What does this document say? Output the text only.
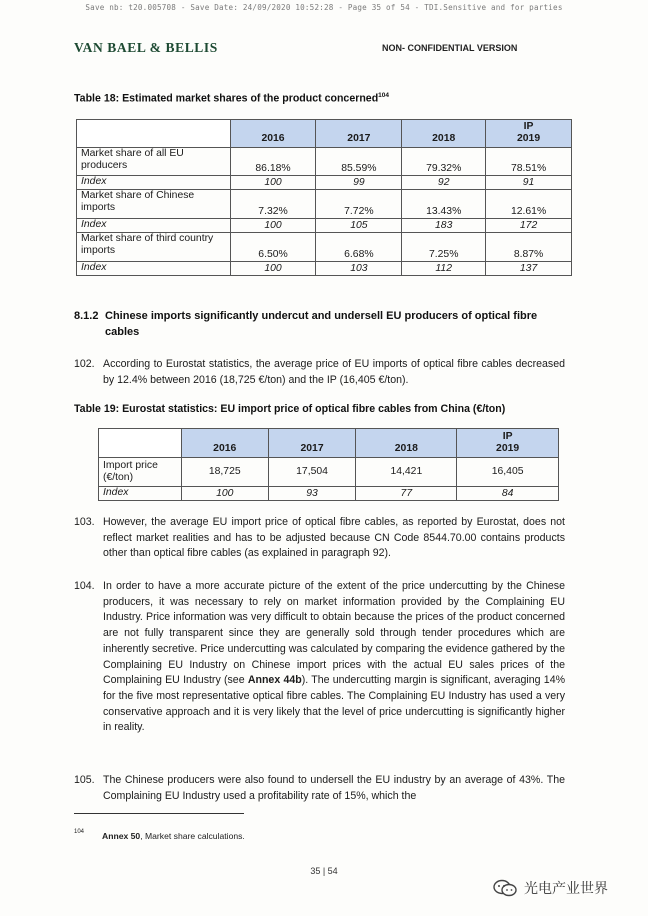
Save nb: t20.005708 - Save Date: 24/09/2020 10:52:28 - Page 35 of 54 - TDI.Sensitive and for parties
VAN BAEL & BELLIS	NON- CONFIDENTIAL VERSION
Table 18: Estimated market shares of the product concerned$^{104}$
	2016	2017	2018	IP
2019

Market share of all EU producers	86.18%	85.59%	79.32%	78.51%
Index	100	99	92	91
Market share of Chinese imports	7.32%	7.72%	13.43%	12.61%
Index	100	105	183	172
Market share of third country imports	6.50%	6.68%	7.25%	8.87%
Index	100	103	112	137
8.1.2 Chinese imports significantly undercut and undersell EU producers of optical fibre cables
102. According to Eurostat statistics, the average price of EU imports of optical fibre cables decreased by 12.4% between 2016 (18,725 €/ton) and the IP (16,405 €/ton).
Table 19: Eurostat statistics: EU import price of optical fibre cables from China (€/ton)
	2016	2017	2018	IP
2019

Import price (€/ton)	18,725	17,504	14,421	16,405
Index	100	93	77	84
103. However, the average EU import price of optical fibre cables, as reported by Eurostat, does not reflect market realities and has to be adjusted because CN Code 8544.70.00 contains products other than optical fibre cables (as explained in paragraph 92).
104. In order to have a more accurate picture of the extent of the price undercutting by the Chinese producers, it was necessary to rely on market information provided by the Complaining EU Industry. Price information was very difficult to obtain because the prices of the product concerned are not fully transparent since they are generally sold through tender procedures which are inherently secretive. Price undercutting was calculated by comparing the evidence gathered by the Complaining EU Industry on Chinese import prices with the actual EU sales prices of the Complaining EU Industry (see Annex 44b). The undercutting margin is significant, averaging 14% for the five most representative optical fibre cables. The Complaining EU Industry has used a very conservative approach and it is very likely that the level of price undercutting is significantly higher in reality.
105. The Chinese producers were also found to undersell the EU industry by an average of 43%. The Complaining EU Industry used a profitability rate of 15%, which the
104 Annex 50, Market share calculations.
35 | 54
光电产业世界
